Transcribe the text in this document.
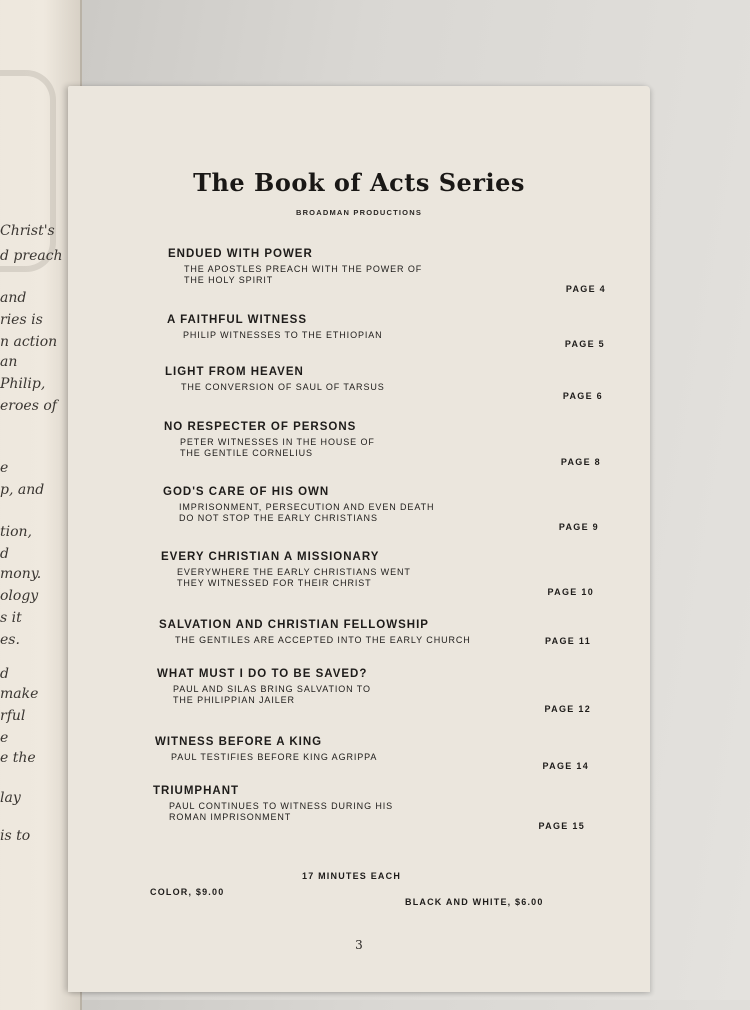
Christ's
d preach
and
ries is
n action
an
Philip,
eroes of
e
p, and
tion,
d
mony.
ology
s it
es.
d
make
rful
e
e the
lay
is to
The Book of Acts Series
BROADMAN PRODUCTIONS
ENDUED WITH POWER
THE APOSTLES PREACH WITH THE POWER OF
THE HOLY SPIRIT
PAGE 4
A FAITHFUL WITNESS
PHILIP WITNESSES TO THE ETHIOPIAN
PAGE 5
LIGHT FROM HEAVEN
THE CONVERSION OF SAUL OF TARSUS
PAGE 6
NO RESPECTER OF PERSONS
PETER WITNESSES IN THE HOUSE OF
THE GENTILE CORNELIUS
PAGE 8
GOD'S CARE OF HIS OWN
IMPRISONMENT, PERSECUTION AND EVEN DEATH
DO NOT STOP THE EARLY CHRISTIANS
PAGE 9
EVERY CHRISTIAN A MISSIONARY
EVERYWHERE THE EARLY CHRISTIANS WENT
THEY WITNESSED FOR THEIR CHRIST
PAGE 10
SALVATION AND CHRISTIAN FELLOWSHIP
THE GENTILES ARE ACCEPTED INTO THE EARLY CHURCH	PAGE 11
WHAT MUST I DO TO BE SAVED?
PAUL AND SILAS BRING SALVATION TO
THE PHILIPPIAN JAILER
PAGE 12
WITNESS BEFORE A KING
PAUL TESTIFIES BEFORE KING AGRIPPA
PAGE 14
TRIUMPHANT
PAUL CONTINUES TO WITNESS DURING HIS
ROMAN IMPRISONMENT
PAGE 15
17 MINUTES EACH
COLOR, $9.00
BLACK AND WHITE, $6.00
3
